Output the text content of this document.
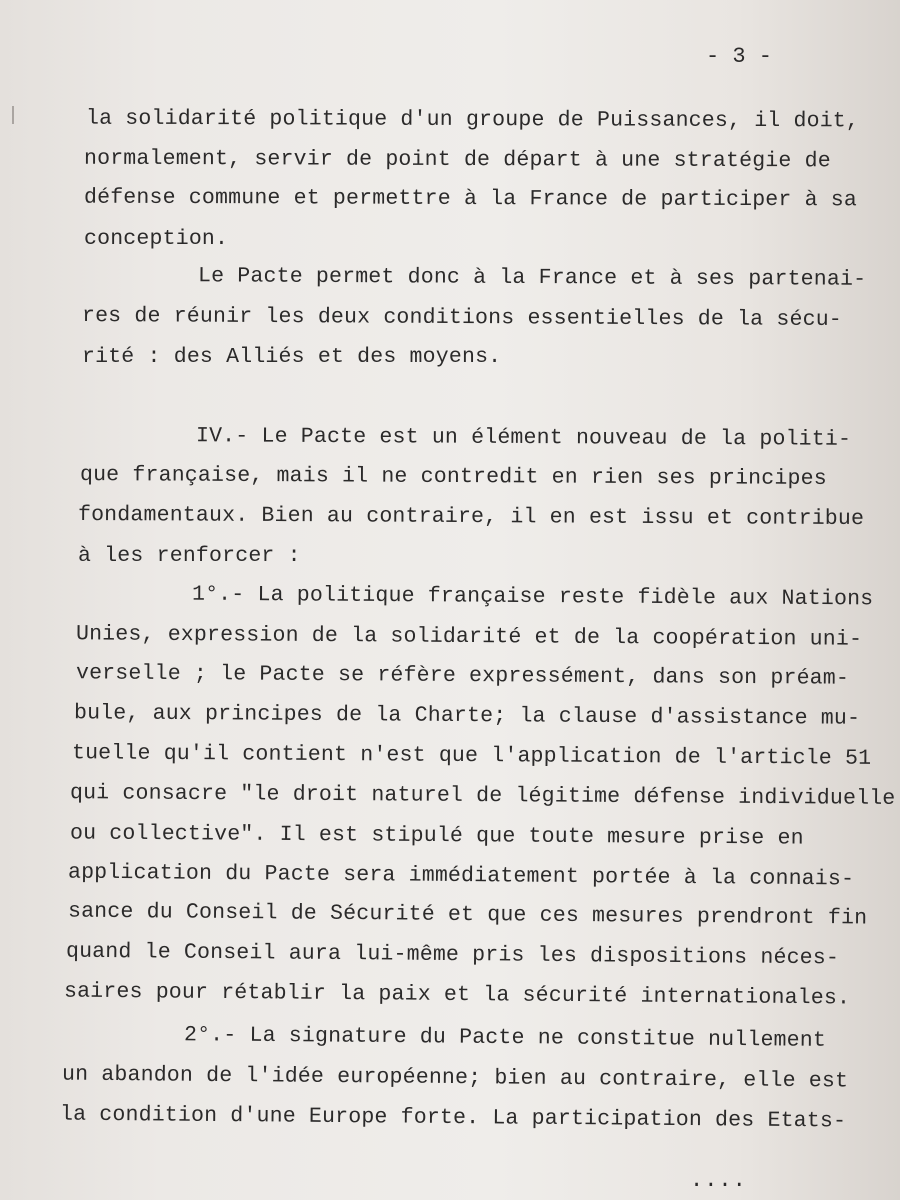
- 3 -
la solidarité politique d'un groupe de Puissances, il doit,
normalement, servir de point de départ à une stratégie de
défense commune et permettre à la France de participer à sa
conception.
Le Pacte permet donc à la France et à ses partenai-
res de réunir les deux conditions essentielles de la sécu-
rité : des Alliés et des moyens.
IV.- Le Pacte est un élément nouveau de la politi-
que française, mais il ne contredit en rien ses principes
fondamentaux. Bien au contraire, il en est issu et contribue
à les renforcer :
1°.- La politique française reste fidèle aux Nations
Unies, expression de la solidarité et de la coopération uni-
verselle ; le Pacte se réfère expressément, dans son préam-
bule, aux principes de la Charte; la clause d'assistance mu-
tuelle qu'il contient n'est que l'application de l'article 51
qui consacre "le droit naturel de légitime défense individuelle
ou collective". Il est stipulé que toute mesure prise en
application du Pacte sera immédiatement portée à la connais-
sance du Conseil de Sécurité et que ces mesures prendront fin
quand le Conseil aura lui-même pris les dispositions néces-
saires pour rétablir la paix et la sécurité internationales.
2°.- La signature du Pacte ne constitue nullement
un abandon de l'idée européenne; bien au contraire, elle est
la condition d'une Europe forte. La participation des Etats-
....
